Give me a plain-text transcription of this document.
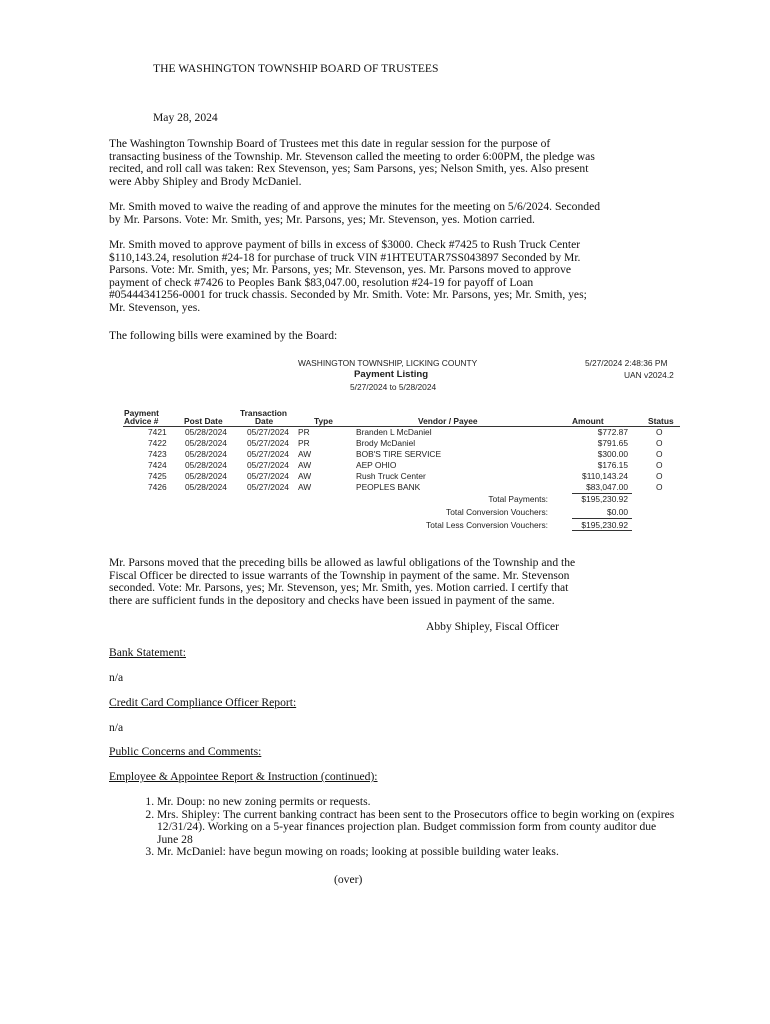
THE WASHINGTON TOWNSHIP BOARD OF TRUSTEES

May 28, 2024

The Washington Township Board of Trustees met this date in regular session for the purpose of
transacting business of the Township. Mr. Stevenson called the meeting to order 6:00PM, the pledge was
recited, and roll call was taken: Rex Stevenson, yes; Sam Parsons, yes; Nelson Smith, yes. Also present
were Abby Shipley and Brody McDaniel.

Mr. Smith moved to waive the reading of and approve the minutes for the meeting on 5/6/2024. Seconded
by Mr. Parsons. Vote: Mr. Smith, yes; Mr. Parsons, yes; Mr. Stevenson, yes. Motion carried.

Mr. Smith moved to approve payment of bills in excess of $3000. Check #7425 to Rush Truck Center
$110,143.24, resolution #24-18 for purchase of truck VIN #1HTEUTAR7SS043897 Seconded by Mr.
Parsons. Vote: Mr. Smith, yes; Mr. Parsons, yes; Mr. Stevenson, yes. Mr. Parsons moved to approve
payment of check #7426 to Peoples Bank $83,047.00, resolution #24-19 for payoff of Loan
#05444341256-0001 for truck chassis. Seconded by Mr. Smith. Vote: Mr. Parsons, yes; Mr. Smith, yes;
Mr. Stevenson, yes.

The following bills were examined by the Board:

WASHINGTON TOWNSHIP, LICKING COUNTY	5/27/2024 2:48:36 PM
Payment Listing	UAN v2024.2
5/27/2024 to 5/28/2024
Payment
Advice #	Post Date
Transaction
Date	Type	Vendor / Payee	Amount	Status
7421 05/28/2024 05/27/2024 PR	Branden L McDaniel	$772.87	O
7422 05/28/2024 05/27/2024 PR	Brody McDaniel	$791.65	O
7423 05/28/2024 05/27/2024 AW	BOB'S TIRE SERVICE	$300.00	O
7424 05/28/2024 05/27/2024 AW	AEP OHIO	$176.15	O
7425 05/28/2024 05/27/2024 AW	Rush Truck Center	$110,143.24	O
7426 05/28/2024 05/27/2024 AW	PEOPLES BANK	$83,047.00	O
Total Payments:	$195,230.92
Total Conversion Vouchers:	$0.00
Total Less Conversion Vouchers:	$195,230.92

Mr. Parsons moved that the preceding bills be allowed as lawful obligations of the Township and the
Fiscal Officer be directed to issue warrants of the Township in payment of the same. Mr. Stevenson
seconded. Vote: Mr. Parsons, yes; Mr. Stevenson, yes; Mr. Smith, yes. Motion carried. I certify that
there are sufficient funds in the depository and checks have been issued in payment of the same.

Abby Shipley, Fiscal Officer

Bank Statement:

n/a

Credit Card Compliance Officer Report:

n/a

Public Concerns and Comments:

Employee & Appointee Report & Instruction (continued):

1. Mr. Doup: no new zoning permits or requests.
2. Mrs. Shipley: The current banking contract has been sent to the Prosecutors office to begin working on (expires 12/31/24). Working on a 5-year finances projection plan. Budget commission form from county auditor due June 28
3. Mr. McDaniel: have begun mowing on roads; looking at possible building water leaks.

(over)
